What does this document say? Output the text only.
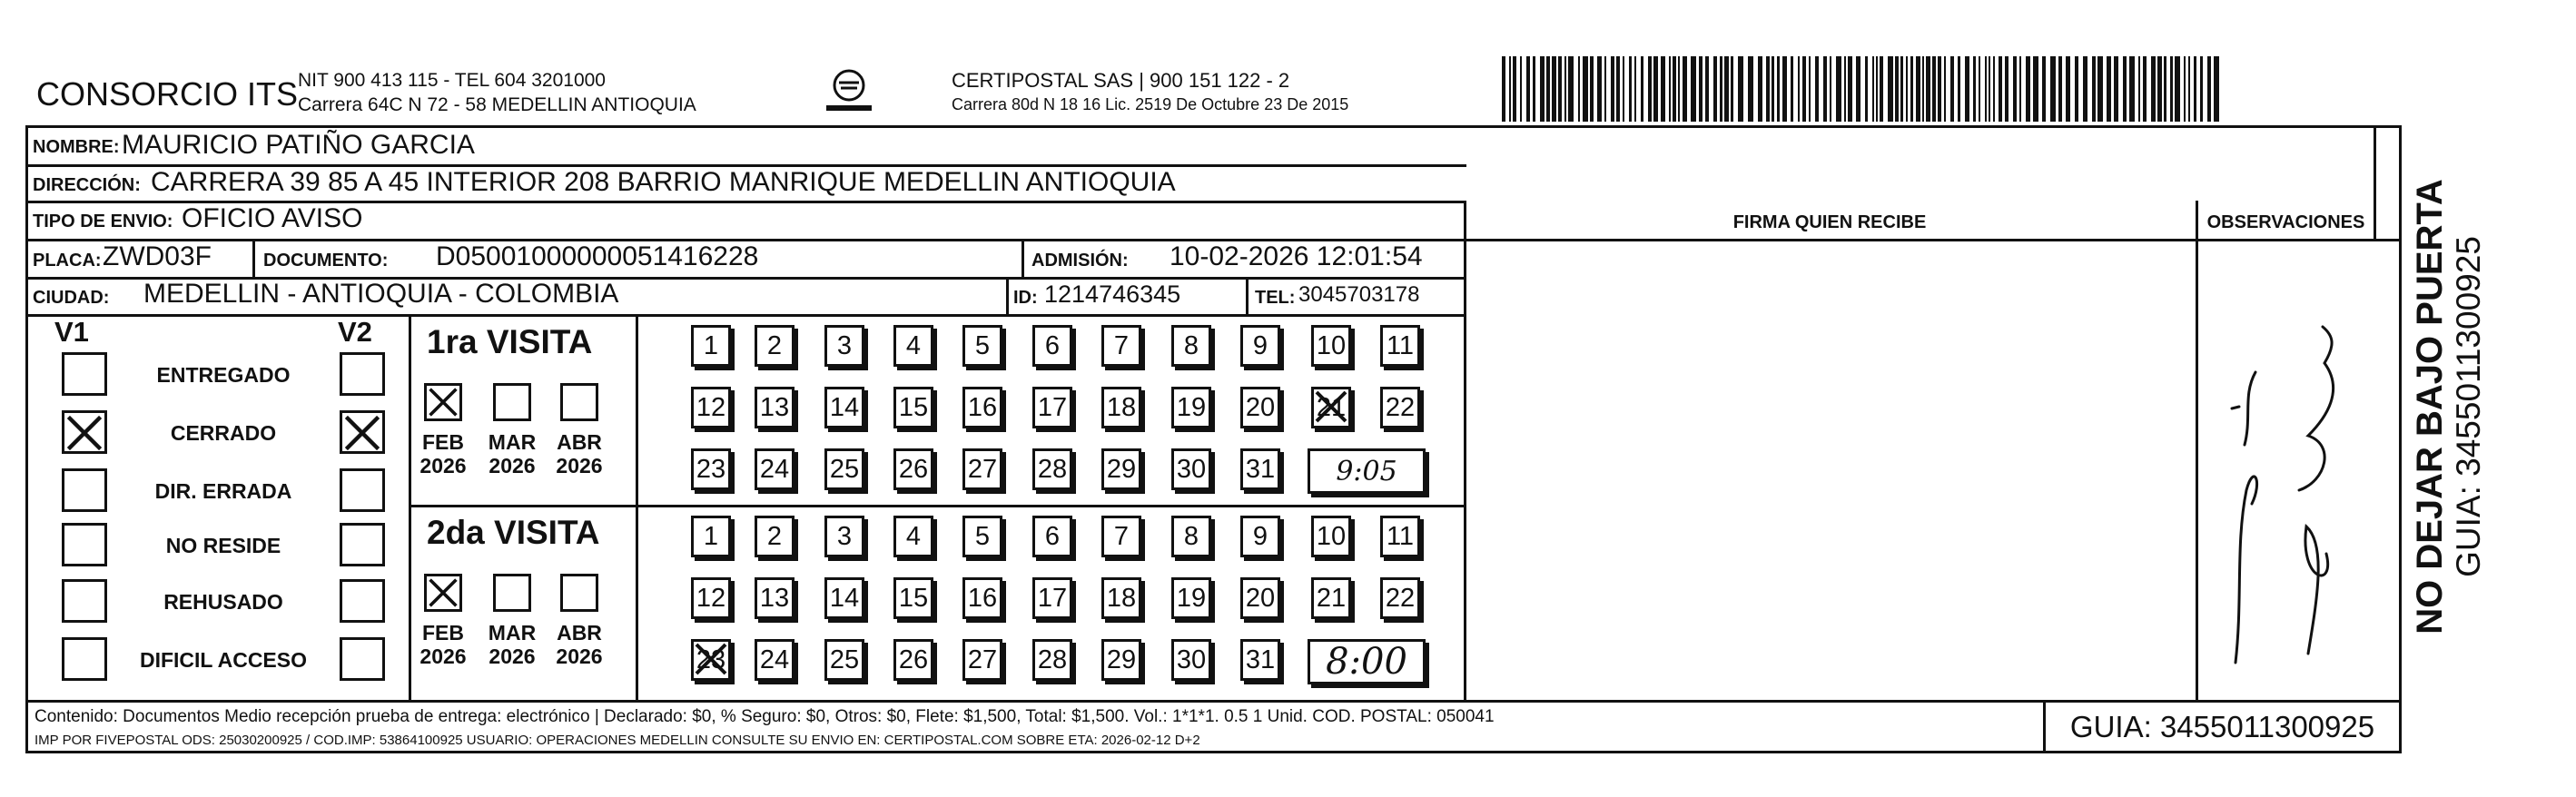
CONSORCIO ITS NIT 900 413 115 - TEL 604 3201000
Carrera 64C N 72 - 58 MEDELLIN ANTIOQUIA	CERTIPOSTAL
CERTIPOSTAL SAS | 900 151 122 - 2
Carrera 80d N 18 16 Lic. 2519 De Octubre 23 De 2015
NOMBRE: MAURICIO PATIÑO GARCIA
DIRECCIÓN: CARRERA 39 85 A 45 INTERIOR 208 BARRIO MANRIQUE MEDELLIN ANTIOQUIA
TIPO DE ENVIO: OFICIO AVISO
PLACA: ZWD03F	DOCUMENTO: D05001000000051416228	ADMISIÓN: 10-02-2026 12:01:54
CIUDAD: MEDELLIN - ANTIOQUIA - COLOMBIA	ID: 1214746345	TEL: 3045703178
FIRMA QUIEN RECIBE	OBSERVACIONES
V1	V2
ENTREGADO
CERRADO
DIR. ERRADA
NO RESIDE
REHUSADO
DIFICIL ACCESO
1ra VISITA
FEB
2026
MAR
2026
ABR
2026
1	2	3	4	5	6	7	8	9	10 11
12 13 14 15 16 17 18 19 20 21 22
23 24 25 26 27 28 29 30 31	9:05
2da VISITA
FEB
2026
MAR
2026
ABR
2026
1	2	3	4	5	6	7	8	9	10 11
12 13 14 15 16 17 18 19 20 21 22
23 24 25 26 27 28 29 30 31	8:00
Contenido: Documentos Medio recepción prueba de entrega: electrónico | Declarado: $0, % Seguro: $0, Otros: $0, Flete: $1,500, Total: $1,500. Vol.: 1*1*1. 0.5 1 Unid. COD. POSTAL: 050041
IMP POR FIVEPOSTAL ODS: 25030200925 / COD.IMP: 53864100925 USUARIO: OPERACIONES MEDELLIN CONSULTE SU ENVIO EN: CERTIPOSTAL.COM SOBRE ETA: 2026-02-12 D+2	GUIA: 3455011300925
NO DEJAR BAJO PUERTA GUIA: 3455011300925
